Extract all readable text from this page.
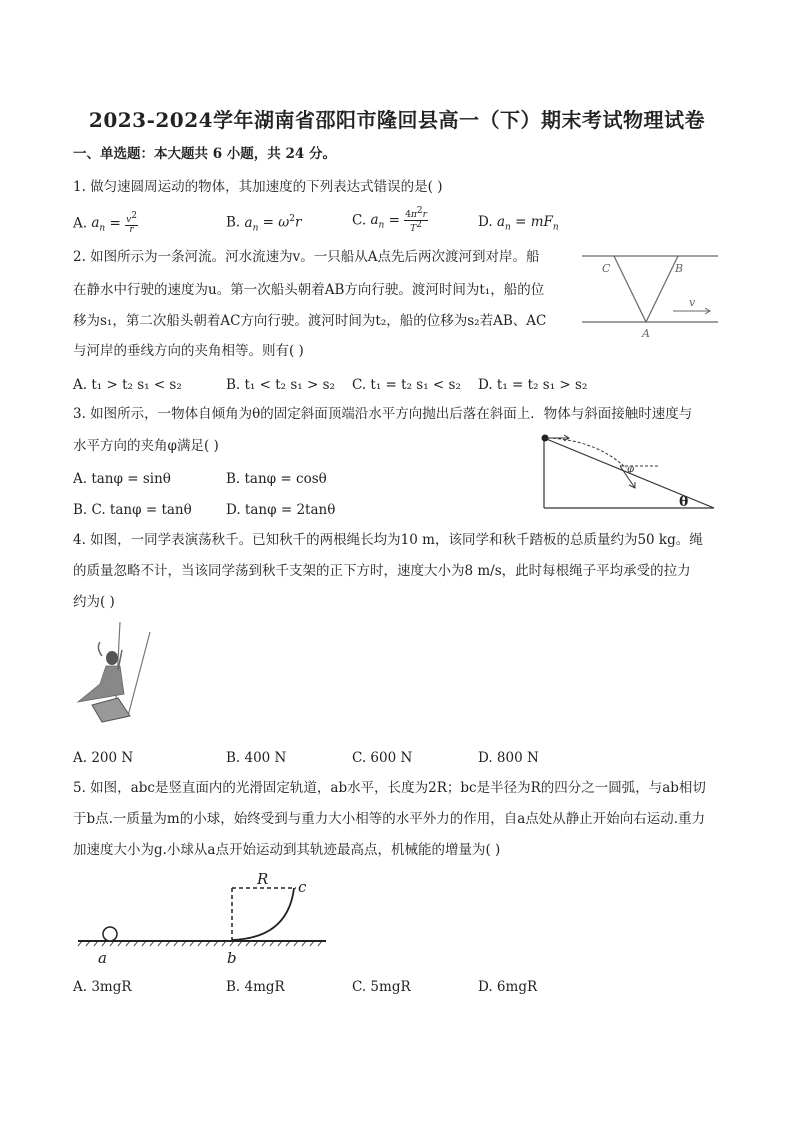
2023-2024学年湖南省邵阳市隆回县高一（下）期末考试物理试卷
一、单选题：本大题共 6 小题，共 24 分。
1. 做匀速圆周运动的物体，其加速度的下列表达式错误的是( )
A. $a_n = \frac{v^2}{r}$	B. $a_n = \omega^2r$	C. $a_n = \frac{4\pi^2r}{T^2}$	D. $a_n = mF_n$
2. 如图所示为一条河流。河水流速为v。一只船从A点先后两次渡河到对岸。船
在静水中行驶的速度为u。第一次船头朝着AB方向行驶。渡河时间为t₁，船的位
移为s₁，第二次船头朝着AC方向行驶。渡河时间为t₂，船的位移为s₂若AB、AC
与河岸的垂线方向的夹角相等。则有( )
A. t₁ > t₂ s₁ < s₂	B. t₁ < t₂ s₁ > s₂ C. t₁ = t₂ s₁ < s₂ D. t₁ = t₂ s₁ > s₂
C	B
A
v
3. 如图所示，一物体自倾角为θ的固定斜面顶端沿水平方向抛出后落在斜面上．物体与斜面接触时速度与
水平方向的夹角φ满足( )
A. tanφ = sinθ	B. tanφ = cosθ
B. C. tanφ = tanθ	D. tanφ = 2tanθ
φ
θ
4. 如图，一同学表演荡秋千。已知秋千的两根绳长均为10 m，该同学和秋千踏板的总质量约为50 kg。绳
的质量忽略不计，当该同学荡到秋千支架的正下方时，速度大小为8 m/s，此时每根绳子平均承受的拉力
约为( )
A. 200 N	B. 400 N	C. 600 N	D. 800 N
5. 如图，abc是竖直面内的光滑固定轨道，ab水平，长度为2R；bc是半径为R的四分之一圆弧，与ab相切
于b点.一质量为m的小球，始终受到与重力大小相等的水平外力的作用，自a点处从静止开始向右运动.重力
加速度大小为g.小球从a点开始运动到其轨迹最高点，机械能的增量为( )
R c
a	b
A. 3mgR	B. 4mgR	C. 5mgR	D. 6mgR
